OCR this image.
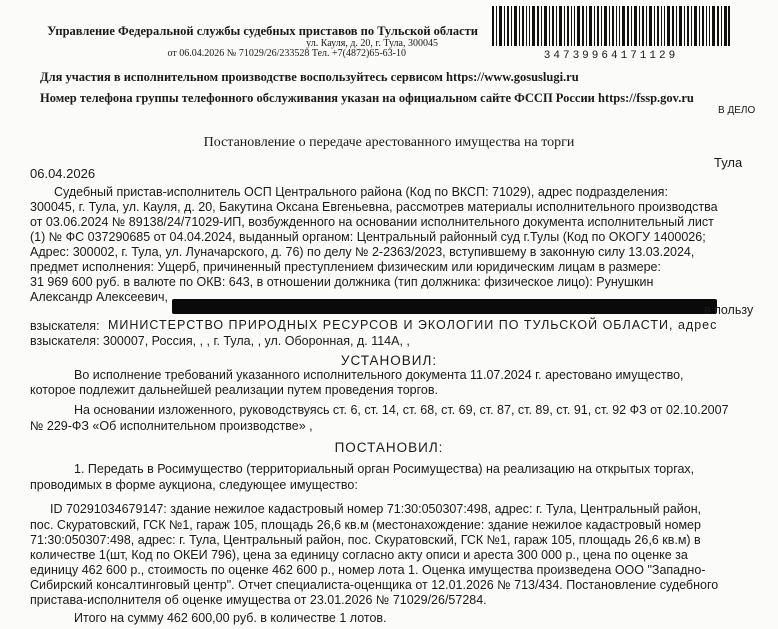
Управление Федеральной службы судебных приставов по Тульской области
ул. Кауля, д. 20, г. Тула, 300045
от 06.04.2026 № 71029/26/233528 Тел. +7(4872)65-63-10	34739964171129
Для участия в исполнительном производстве воспользуйтесь сервисом https://www.gosuslugi.ru
Номер телефона группы телефонного обслуживания указан на официальном сайте ФССП России https://fssp.gov.ru
В ДЕЛО
Постановление о передаче арестованного имущества на торги
Тула
06.04.2026
Судебный пристав-исполнитель ОСП Центрального района (Код по ВКСП: 71029), адрес подразделения:
300045, г. Тула, ул. Кауля, д. 20, Бакутина Оксана Евгеньевна, рассмотрев материалы исполнительного производства
от 03.06.2024 № 89138/24/71029-ИП, возбужденного на основании исполнительного документа исполнительный лист
(1) № ФС 037290685 от 04.04.2024, выданный органом: Центральный районный суд г.Тулы (Код по ОКОГУ 1400026;
Адрес: 300002, г. Тула, ул. Луначарского, д. 76) по делу № 2-2363/2023, вступившему в законную силу 13.03.2024,
предмет исполнения: Ущерб, причиненный преступлением физическим или юридическим лицам в размере:
31 969 600 руб. в валюте по ОКВ: 643, в отношении должника (тип должника: физическое лицо): Рунушкин
Александр Алексеевич,
в пользу
взыскателя: МИНИСТЕРСТВО ПРИРОДНЫХ РЕСУРСОВ И ЭКОЛОГИИ ПО ТУЛЬСКОЙ ОБЛАСТИ, адрес
взыскателя: 300007, Россия, , , г. Тула, , ул. Оборонная, д. 114А, ,
УСТАНОВИЛ:
Во исполнение требований указанного исполнительного документа 11.07.2024 г. арестовано имущество,
которое подлежит дальнейшей реализации путем проведения торгов.
На основании изложенного, руководствуясь ст. 6, ст. 14, ст. 68, ст. 69, ст. 87, ст. 89, ст. 91, ст. 92 ФЗ от 02.10.2007
№ 229-ФЗ «Об исполнительном производстве» ,
ПОСТАНОВИЛ:
1. Передать в Росимущество (территориальный орган Росимущества) на реализацию на открытых торгах,
проводимых в форме аукциона, следующее имущество:
ID 70291034679147: здание нежилое кадастровый номер 71:30:050307:498, адрес: г. Тула, Центральный район,
пос. Скуратовский, ГСК №1, гараж 105, площадь 26,6 кв.м (местонахождение: здание нежилое кадастровый номер
71:30:050307:498, адрес: г. Тула, Центральный район, пос. Скуратовский, ГСК №1, гараж 105, площадь 26,6 кв.м) в
количестве 1(шт, Код по ОКЕИ 796), цена за единицу согласно акту описи и ареста 300 000 р., цена по оценке за
единицу 462 600 р., стоимость по оценке 462 600 р., номер лота 1. Оценка имущества произведена ООО "Западно-
Сибирский консалтинговый центр". Отчет специалиста-оценщика от 12.01.2026 № 713/434. Постановление судебного
пристава-исполнителя об оценке имущества от 23.01.2026 № 71029/26/57284.
Итого на сумму 462 600,00 руб. в количестве 1 лотов.
